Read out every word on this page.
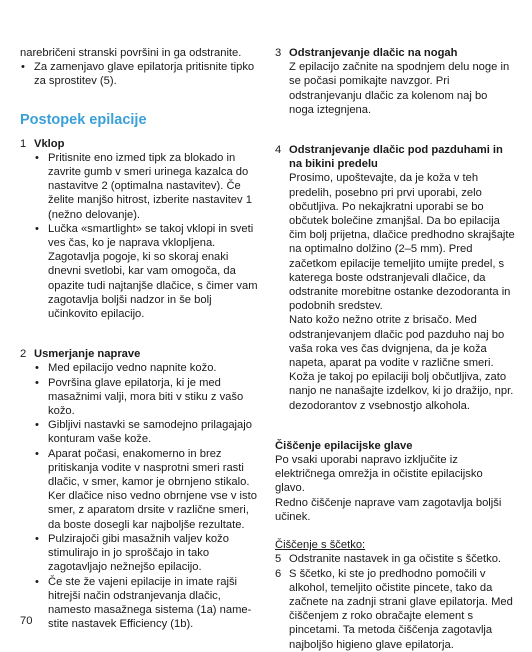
narebričeni stranski površini in ga odstranite.

• Za zamenjavo glave epilatorja pritisnite tipko za sprostitev (5).

Postopek epilacije
1 Vklop

• Pritisnite eno izmed tipk za blokado in zavrite gumb v smeri urinega kazalca do nastavitve 2 (optimalna nastavitev). Če želite manjšo hitrost, izberite nastavitev 1 (nežno delovanje).

• Lučka «smartlight» se takoj vklopi in sveti ves čas, ko je naprava vklopljena. Zagotavlja pogoje, ki so skoraj enaki dnevni svetlobi, kar vam omogoča, da opazite tudi najtanjše dlačice, s čimer vam zagotavlja boljši nadzor in še bolj učinkovito epilacijo.

2 Usmerjanje naprave

• Med epilacijo vedno napnite kožo.

• Površina glave epilatorja, ki je med masažnimi valji, mora biti v stiku z vašo kožo.

• Gibljivi nastavki se samodejno prilagajajo konturam vaše kože.

• Aparat počasi, enakomerno in brez pritiskanja vodite v nasprotni smeri rasti dlačic, v smer, kamor je obrnjeno stikalo. Ker dlačice niso vedno obrnjene vse v isto smer, z aparatom drsite v različne smeri, da boste dosegli kar najboljše rezultate.

• Pulzirajoči gibi masažnih valjev kožo stimulirajo in jo sproščajo in tako zagotavljajo nežnejšo epilacijo.

• Če ste že vajeni epilacije in imate rajši hitrejši način odstranjevanja dlačic, namesto masažnega sistema (1a) name-stite nastavek Efficiency (1b).

3 Odstranjevanje dlačic na nogah

Z epilacijo začnite na spodnjem delu noge in se počasi pomikajte navzgor. Pri odstranjevanju dlačic za kolenom naj bo noga iztegnjena.

4 Odstranjevanje dlačic pod pazduhami in na bikini predelu

Prosimo, upoštevajte, da je koža v teh predelih, posebno pri prvi uporabi, zelo občutljiva. Po nekajkratni uporabi se bo občutek bolečine zmanjšal. Da bo epilacija čim bolj prijetna, dlačice predhodno skrajšajte na optimalno dolžino (2–5 mm). Pred začetkom epilacije temeljito umijte predel, s katerega boste odstranjevali dlačice, da odstranite morebitne ostanke dezodoranta in podobnih sredstev.

Nato kožo nežno otrite z brisačo. Med odstranjevanjem dlačic pod pazduho naj bo vaša roka ves čas dvignjena, da je koža napeta, aparat pa vodite v različne smeri. Koža je takoj po epilaciji bolj občutljiva, zato nanjo ne nanašajte izdelkov, ki jo dražijo, npr. dezodorantov z vsebnostjo alkohola.

Čiščenje epilacijske glave

Po vsaki uporabi napravo izključite iz električnega omrežja in očistite epilacijsko glavo.

Redno čiščenje naprave vam zagotavlja boljši učinek.

Čiščenje s ščetko:

5 Odstranite nastavek in ga očistite s ščetko.
6 S ščetko, ki ste jo predhodno pomočili v alkohol, temeljito očistite pincete, tako da začnete na zadnji strani glave epilatorja. Med čiščenjem z roko obračajte element s pincetami. Ta metoda čiščenja zagotavlja najboljšo higieno glave epilatorja.
70
